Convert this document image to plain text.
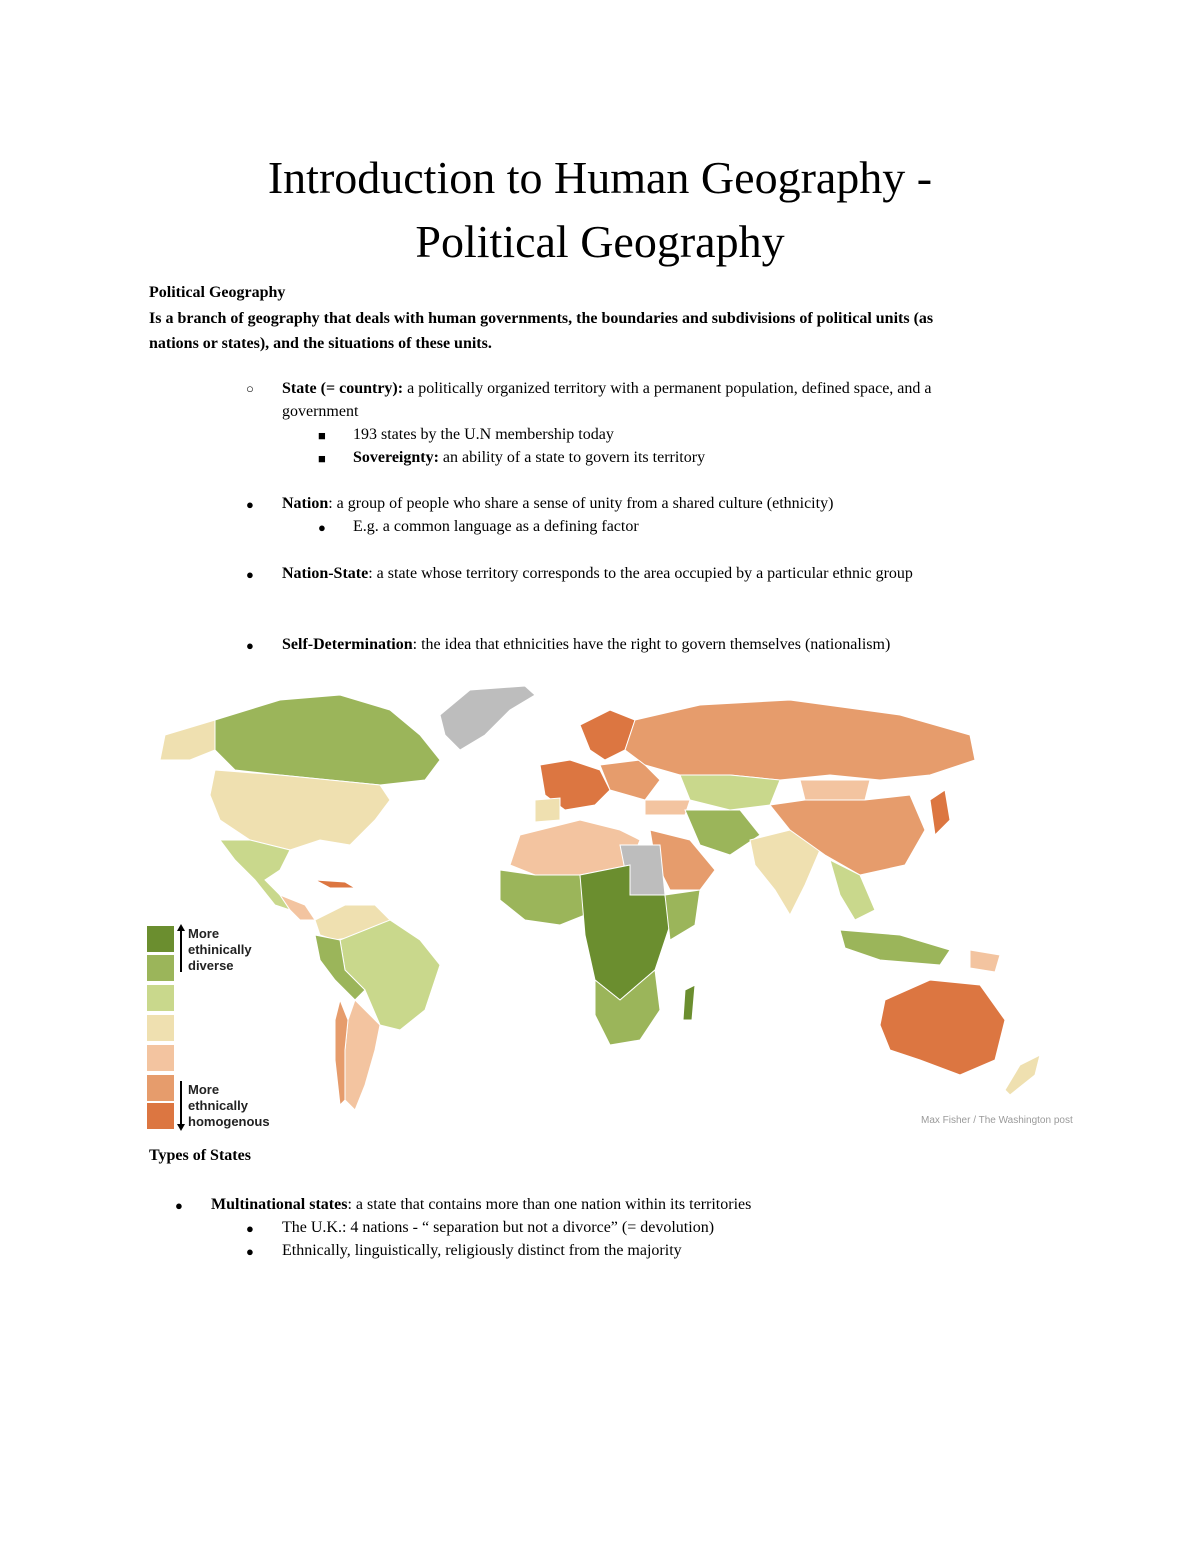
Introduction to Human Geography -
Political Geography
Political Geography
Is a branch of geography that deals with human governments, the boundaries and subdivisions of political units (as
nations or states), and the situations of these units.
○ State (= country): a politically organized territory with a permanent population, defined space, and a
government
■ 193 states by the U.N membership today
■ Sovereignty: an ability of a state to govern its territory
● Nation: a group of people who share a sense of unity from a shared culture (ethnicity)
● E.g. a common language as a defining factor
● Nation-State: a state whose territory corresponds to the area occupied by a particular ethnic group
● Self-Determination: the idea that ethnicities have the right to govern themselves (nationalism)
More
ethinically
diverse
More
ethnically
homogenous	Max Fisher / The Washington post
Types of States
● Multinational states: a state that contains more than one nation within its territories
● The U.K.: 4 nations - “ separation but not a divorce” (= devolution)
● Ethnically, linguistically, religiously distinct from the majority
